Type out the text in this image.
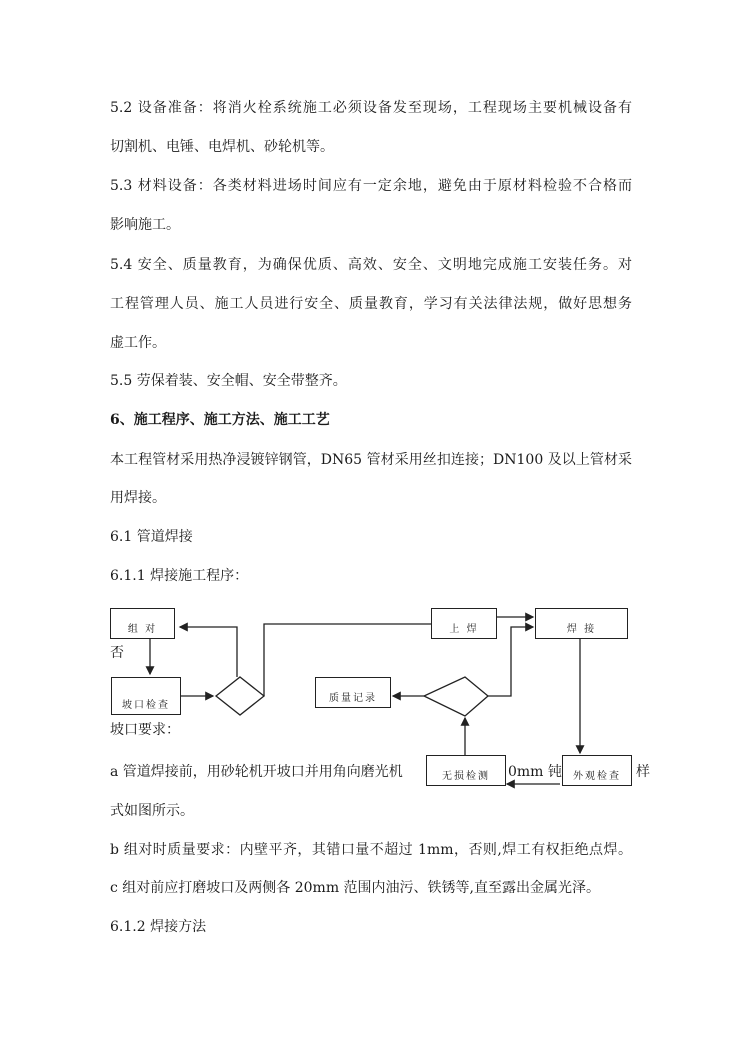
5.2 设备准备：将消火栓系统施工必须设备发至现场，工程现场主要机械设备有
切割机、电锤、电焊机、砂轮机等。
5.3 材料设备：各类材料进场时间应有一定余地，避免由于原材料检验不合格而
影响施工。
5.4 安全、质量教育，为确保优质、高效、安全、文明地完成施工安装任务。对
工程管理人员、施工人员进行安全、质量教育，学习有关法律法规，做好思想务
虚工作。
5.5 劳保着装、安全帽、安全带整齐。
6、施工程序、施工方法、施工工艺
本工程管材采用热净浸镀锌钢管，DN65 管材采用丝扣连接；DN100 及以上管材采
用焊接。
6.1 管道焊接
6.1.1 焊接施工程序：
否
坡口要求：
a 管道焊接前，用砂轮机开坡口并用角向磨光机	0mm 钝	样
式如图所示。
b 组对时质量要求：内壁平齐，其错口量不超过 1mm，否则,焊工有权拒绝点焊。
c 组对前应打磨坡口及两侧各 20mm 范围内油污、铁锈等,直至露出金属光泽。
6.1.2 焊接方法
组 对
坡口检查
上 焊	焊 接
质量记录
无损检测	外观检查
